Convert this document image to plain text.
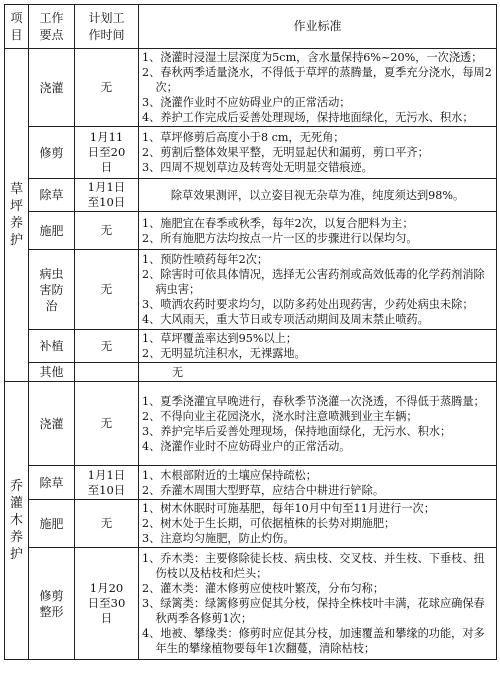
项
目	工作
要点	计划工
作时间	作业标准
草
坪
养
护	浇灌	无	1、浇灌时浸湿土层深度为5cm，含水量保持6%~20%，一次浇透；
2、春秋两季适量浇水，不得低于草坪的蒸腾量，夏季充分浇水，每周2次；
3、浇灌作业时不应妨碍业户的正常活动；
4、养护工作完成后妥善处理现场，保持地面绿化，无污水、积水；

	修剪	1月11
日至20
日	1、草坪修剪后高度小于8 cm，无死角；
2、剪割后整体效果平整，无明显起伏和漏剪，剪口平齐；
3、四周不规划草边及转弯处无明显交错痕迹。

	除草	1月1日
至10日	除草效果测评，以立姿目视无杂草为准，纯度须达到98%。

	施肥	无	1、施肥宜在春季或秋季，每年2次，以复合肥料为主；
2、所有施肥方法均按点一片一区的步骤进行以保均匀。

	病虫
害防
治	无	1、预防性喷药每年2次；
2、除害时可依具体情况，选择无公害药剂或高效低毒的化学药剂消除病虫害；
3、喷洒农药时要求均匀，以防多药处出现药害，少药处病虫未除；
4、大风雨天，重大节日或专项活动期间及周末禁止喷药。

	补植	无	1、草坪覆盖率达到95%以上；
2、无明显坑洼积水，无裸露地。

	其他		无

乔
灌
木
养
护	浇灌	无	1、夏季浇灌宜早晚进行，春秋季节浇灌一次浇透，不得低于蒸腾量；
2、不得向业主花园浇水，浇水时注意喷溅到业主车辆；
3、养护完毕后妥善处理现场，保持地面绿化，无污水、积水；
4、浇灌作业时不应妨碍业户的正常活动。

	除草	1月1日
至10日	1、木根部附近的土壤应保持疏松；
2、乔灌木周围大型野草，应结合中耕进行铲除。

	施肥	无	1、树木休眠时可施基肥，每年10月中旬至11月进行一次；
2、树木处于生长期，可依据植株的长势对期施肥；
3、注意均匀施肥，防止灼伤。

	修剪
整形	1月20
日至30
日	1、乔木类：主要修除徒长枝、病虫枝、交叉枝、并生枝、下垂枝、扭伤枝以及枯枝和烂头；
2、灌木类：灌木修剪应使枝叶繁茂，分布匀称；
3、绿篱类：绿篱修剪应促其分枝，保持全株枝叶丰满，花球应确保春秋两季各修剪1次；
4、地被、攀缘类：修剪时应促其分枝，加速覆盖和攀缘的功能，对多年生的攀缘植物要每年1次翻蔓，清除枯枝；
